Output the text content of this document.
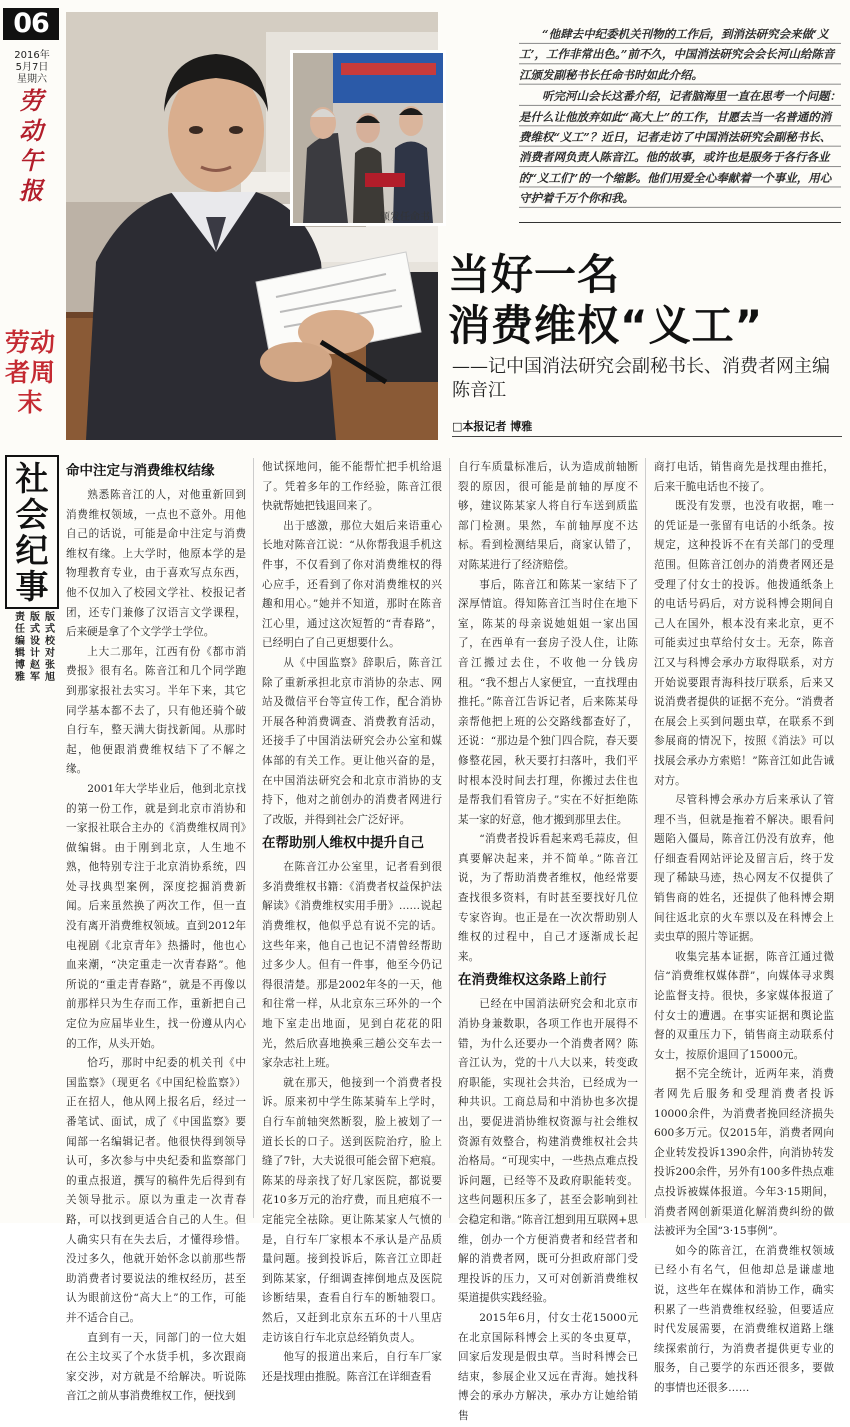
06
2016年
5月7日
星期六
劳动午报
劳动者周末
社会纪事
版式校对 张旭
版式设计 赵军
责任编辑 博雅
颁发任命书

“他肆去中纪委机关刊物的工作后，到消法研究会来做‘义工’，工作非常出色。”前不久，中国消法研究会会长河山给陈音江颁发副秘书长任命书时如此介绍。

听完河山会长这番介绍，记者脑海里一直在思考一个问题：是什么让他放弃如此“高大上”的工作，甘愿去当一名普通的消费维权“义工”？近日，记者走访了中国消法研究会副秘书长、消费者网负责人陈音江。他的故事，或许也是服务于各行各业的“义工们”的一个缩影。他们用爱全心奉献着一个事业，用心守护着千万个你和我。

当好一名
消费维权“义工”
——记中国消法研究会副秘书长、消费者网主编陈音江
□本报记者 博雅
命中注定与消费维权结缘

熟悉陈音江的人，对他重新回到消费维权领域，一点也不意外。用他自己的话说，可能是命中注定与消费维权有缘。上大学时，他原本学的是物理教育专业，由于喜欢写点东西，他不仅加入了校园文学社、校报记者团，还专门兼修了汉语言文学课程，后来硬是拿了个文学学士学位。

上大二那年，江西有份《都市消费报》很有名。陈音江和几个同学跑到那家报社去实习。半年下来，其它同学基本都不去了，只有他还骑个破自行车，整天满大街找新闻。从那时起，他便跟消费维权结下了不解之缘。

2001年大学毕业后，他到北京找的第一份工作，就是到北京市消协和一家报社联合主办的《消费维权周刊》做编辑。由于刚到北京，人生地不熟，他特别专注于北京消协系统，四处寻找典型案例，深度挖掘消费新闻。后来虽然换了两次工作，但一直没有离开消费维权领域。直到2012年电视剧《北京青年》热播时，他也心血来潮，“决定重走一次青春路”。他所说的“重走青春路”，就是不再像以前那样只为生存而工作，重新把自己定位为应届毕业生，找一份遵从内心的工作，从头开始。

恰巧，那时中纪委的机关刊《中国监察》（现更名《中国纪检监察》）正在招人，他从网上报名后，经过一番笔试、面试，成了《中国监察》要闻部一名编辑记者。他很快得到领导认可，多次参与中央纪委和监察部门的重点报道，撰写的稿件先后得到有关领导批示。原以为重走一次青春路，可以找到更适合自己的人生。但人确实只有在失去后，才懂得珍惜。没过多久，他就开始怀念以前那些帮助消费者讨要说法的维权经历，甚至认为眼前这份“高大上”的工作，可能并不适合自己。

直到有一天，同部门的一位大姐在公主坟买了个水货手机，多次跟商家交涉，对方就是不给解决。听说陈音江之前从事消费维权工作，便找到

他试探地问，能不能帮忙把手机给退了。凭着多年的工作经验，陈音江很快就帮她把钱退回来了。

出于感激，那位大姐后来语重心长地对陈音江说：“从你帮我退手机这件事，不仅看到了你对消费维权的得心应手，还看到了你对消费维权的兴趣和用心。”她并不知道，那时在陈音江心里，通过这次短暂的“青春路”，已经明白了自己更想要什么。

从《中国监察》辞职后，陈音江除了重新承担北京市消协的杂志、网站及微信平台等宣传工作，配合消协开展各种消费调查、消费教育活动，还接手了中国消法研究会办公室和媒体部的有关工作。更让他兴奋的是，在中国消法研究会和北京市消协的支持下，他对之前创办的消费者网进行了改版，并得到社会广泛好评。

在帮助别人维权中提升自己

在陈音江办公室里，记者看到很多消费维权书籍：《消费者权益保护法解读》《消费维权实用手册》……说起消费维权，他似乎总有说不完的话。这些年来，他自己也记不清曾经帮助过多少人。但有一件事，他至今仍记得很清楚。那是2002年冬的一天，他和往常一样，从北京东三环外的一个地下室走出地面，见到白花花的阳光，然后欣喜地换乘三趟公交车去一家杂志社上班。

就在那天，他接到一个消费者投诉。原来初中学生陈某骑车上学时，自行车前轴突然断裂，脸上被划了一道长长的口子。送到医院治疗，脸上缝了7针，大夫说很可能会留下疤痕。陈某的母亲找了好几家医院，都说要花10多万元的治疗费，而且疤痕不一定能完全祛除。更让陈某家人气愤的是，自行车厂家根本不承认是产品质量问题。接到投诉后，陈音江立即赶到陈某家，仔细调查摔倒地点及医院诊断结果，查看自行车的断轴裂口。然后，又赶到北京东五环的十八里店走访该自行车北京总经销负责人。

他写的报道出来后，自行车厂家还是找理由推脱。陈音江在详细查看

自行车质量标准后，认为造成前轴断裂的原因，很可能是前轴的厚度不够，建议陈某家人将自行车送到质监部门检测。果然，车前轴厚度不达标。看到检测结果后，商家认错了，对陈某进行了经济赔偿。

事后，陈音江和陈某一家结下了深厚情谊。得知陈音江当时住在地下室，陈某的母亲说她姐姐一家出国了，在西单有一套房子没人住，让陈音江搬过去住，不收他一分钱房租。“我不想占人家便宜，一直找理由推托。”陈音江告诉记者，后来陈某母亲帮他把上班的公交路线都查好了，还说：“那边是个独门四合院，春天要修整花园，秋天要打扫落叶，我们平时根本没时间去打理，你搬过去住也是帮我们看管房子。”实在不好拒绝陈某一家的好意，他才搬到那里去住。

“消费者投诉看起来鸡毛蒜皮，但真要解决起来，并不简单。”陈音江说，为了帮助消费者维权，他经常要查找很多资料，有时甚至要找好几位专家咨询。也正是在一次次帮助别人维权的过程中，自己才逐渐成长起来。

在消费维权这条路上前行

已经在中国消法研究会和北京市消协身兼数职，各项工作也开展得不错，为什么还要办一个消费者网？陈音江认为，党的十八大以来，转变政府职能，实现社会共治，已经成为一种共识。工商总局和中消协也多次提出，要促进消协维权资源与社会维权资源有效整合，构建消费维权社会共治格局。“可现实中，一些热点难点投诉问题，已经等不及政府职能转变。这些问题积压多了，甚至会影响到社会稳定和谐。”陈音江想到用互联网+思维，创办一个方便消费者和经营者和解的消费者网，既可分担政府部门受理投诉的压力，又可对创新消费维权渠道提供实践经验。

2015年6月，付女士花15000元在北京国际科博会上买的冬虫夏草，回家后发现是假虫草。当时科博会已结束，参展企业又远在青海。她找科博会的承办方解决，承办方让她给销售

商打电话，销售商先是找理由推托，后来干脆电话也不接了。

既没有发票，也没有收据，唯一的凭证是一张留有电话的小纸条。按规定，这种投诉不在有关部门的受理范围。但陈音江创办的消费者网还是受理了付女士的投诉。他拨通纸条上的电话号码后，对方说科博会期间自己人在国外，根本没有来北京，更不可能卖过虫草给付女士。无奈，陈音江又与科博会承办方取得联系，对方开始说要跟青海科技厅联系，后来又说消费者提供的证据不充分。“消费者在展会上买到问题虫草，在联系不到参展商的情况下，按照《消法》可以找展会承办方索赔！”陈音江如此告诫对方。

尽管科博会承办方后来承认了管理不当，但就是拖着不解决。眼看问题陷入僵局，陈音江仍没有放弃，他仔细查看网站评论及留言后，终于发现了稀缺马迹，热心网友不仅提供了销售商的姓名，还提供了他科博会期间往返北京的火车票以及在科博会上卖虫草的照片等证据。

收集完基本证据，陈音江通过微信“消费维权媒体群”，向媒体寻求舆论监督支持。很快，多家媒体报道了付女士的遭遇。在事实证据和舆论监督的双重压力下，销售商主动联系付女士，按原价退回了15000元。

据不完全统计，近两年来，消费者网先后服务和受理消费者投诉10000余件，为消费者挽回经济损失600多万元。仅2015年，消费者网向企业转发投诉1390余件，向消协转发投诉200余件，另外有100多件热点难点投诉被媒体报道。今年3·15期间，消费者网创新渠道化解消费纠纷的做法被评为全国“3·15事例”。

如今的陈音江，在消费维权领域已经小有名气，但他却总是谦虚地说，这些年在媒体和消协工作，确实积累了一些消费维权经验，但要适应时代发展需要，在消费维权道路上继续探索前行，为消费者提供更专业的服务，自己要学的东西还很多，要做的事情也还很多……
